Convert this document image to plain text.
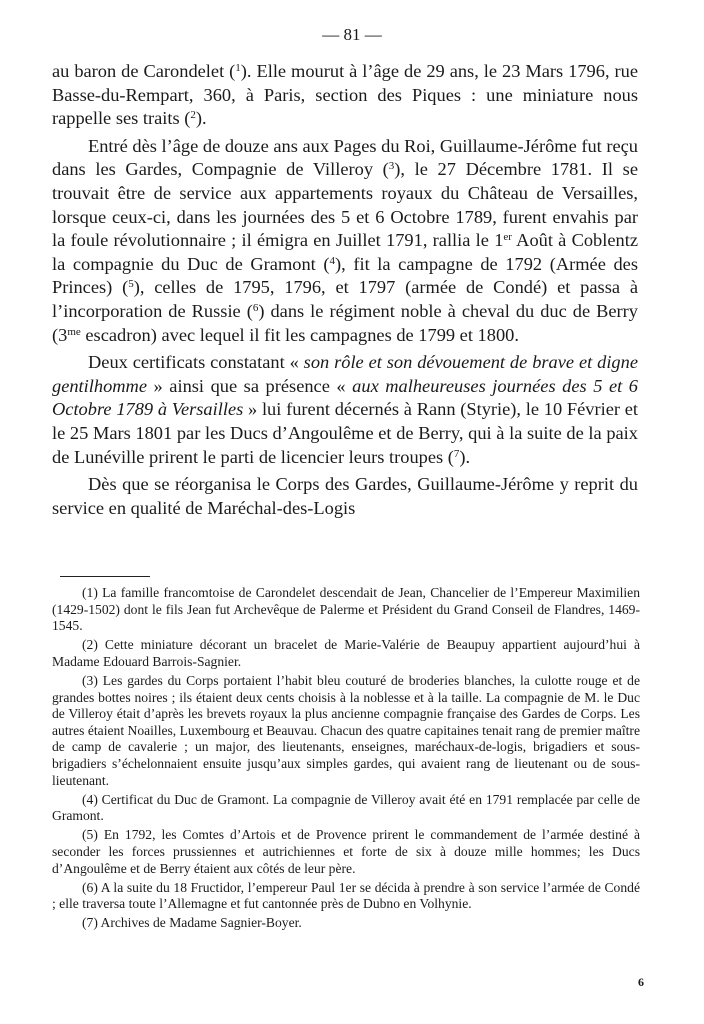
— 81 —

au baron de Carondelet ($^1$). Elle mourut à l’âge de 29 ans, le 23 Mars 1796, rue Basse-du-Rempart, 360, à Paris, section des Piques : une miniature nous rappelle ses traits ($^2$).

Entré dès l’âge de douze ans aux Pages du Roi, Guillaume-Jérôme fut reçu dans les Gardes, Compagnie de Villeroy ($^3$), le 27 Décembre 1781. Il se trouvait être de service aux appartements royaux du Château de Versailles, lorsque ceux-ci, dans les journées des 5 et 6 Octobre 1789, furent envahis par la foule révolutionnaire ; il émigra en Juillet 1791, rallia le 1er Août à Coblentz la compagnie du Duc de Gramont ($^4$), fit la campagne de 1792 (Armée des Princes) ($^5$), celles de 1795, 1796, et 1797 (armée de Condé) et passa à l’incorporation de Russie ($^6$) dans le régiment noble à cheval du duc de Berry ($3^{me}$ escadron) avec lequel il fit les campagnes de 1799 et 1800.

Deux certificats constatant « son rôle et son dévouement de brave et digne gentilhomme » ainsi que sa présence « aux malheureuses journées des 5 et 6 Octobre 1789 à Versailles » lui furent décernés à Rann (Styrie), le 10 Février et le 25 Mars 1801 par les Ducs d’Angoulême et de Berry, qui à la suite de la paix de Lunéville prirent le parti de licencier leurs troupes ($^7$).

Dès que se réorganisa le Corps des Gardes, Guillaume-Jérôme y reprit du service en qualité de Maréchal-des-Logis

(1) La famille francomtoise de Carondelet descendait de Jean, Chancelier de l’Empereur Maximilien (1429-1502) dont le fils Jean fut Archevêque de Palerme et Président du Grand Conseil de Flandres, 1469-1545.

(2) Cette miniature décorant un bracelet de Marie-Valérie de Beaupuy appartient aujourd’hui à Madame Edouard Barrois-Sagnier.

(3) Les gardes du Corps portaient l’habit bleu couturé de broderies blanches, la culotte rouge et de grandes bottes noires ; ils étaient deux cents choisis à la noblesse et à la taille. La compagnie de M. le Duc de Villeroy était d’après les brevets royaux la plus ancienne compagnie française des Gardes de Corps. Les autres étaient Noailles, Luxembourg et Beauvau. Chacun des quatre capitaines tenait rang de premier maître de camp de cavalerie ; un major, des lieutenants, enseignes, maréchaux-de-logis, brigadiers et sous-brigadiers s’échelonnaient ensuite jusqu’aux simples gardes, qui avaient rang de lieutenant ou de sous-lieutenant.

(4) Certificat du Duc de Gramont. La compagnie de Villeroy avait été en 1791 remplacée par celle de Gramont.

(5) En 1792, les Comtes d’Artois et de Provence prirent le commandement de l’armée destiné à seconder les forces prussiennes et autrichiennes et forte de six à douze mille hommes; les Ducs d’Angoulême et de Berry étaient aux côtés de leur père.

(6) A la suite du 18 Fructidor, l’empereur Paul 1er se décida à prendre à son service l’armée de Condé ; elle traversa toute l’Allemagne et fut cantonnée près de Dubno en Volhynie.

(7) Archives de Madame Sagnier-Boyer.

6
